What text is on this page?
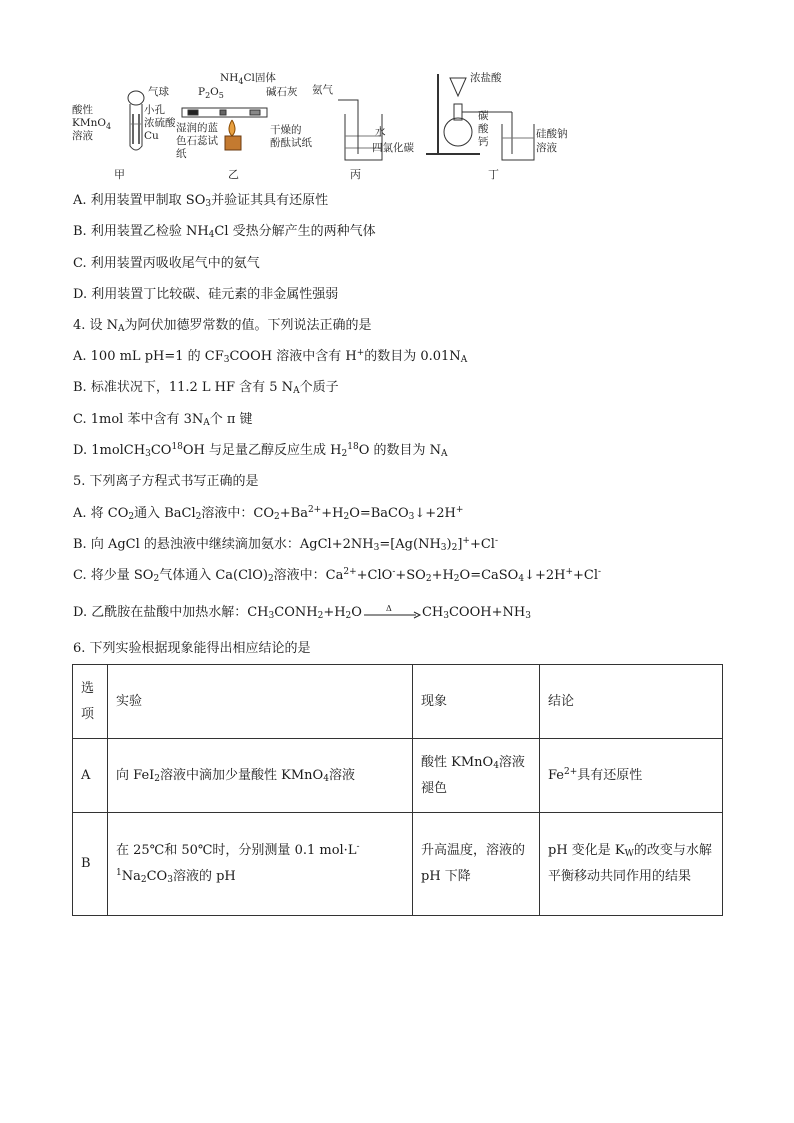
气球
小孔
浓硫酸
Cu
酸性
KMnO$_4$
溶液
甲
$NH_4Cl$固体
$P_2O_5$	碱石灰
湿润的蓝
色石蕊试
纸
干燥的
酚酞试纸
乙
氨气
水
四氯化碳
丙
浓盐酸
碳
酸
钙
硅酸钠
溶液
丁
A. 利用装置甲制取 $SO_3$并验证其具有还原性
B. 利用装置乙检验 $NH_4Cl$ 受热分解产生的两种气体
C. 利用装置丙吸收尾气中的氨气
D. 利用装置丁比较碳、硅元素的非金属性强弱
4. 设 $N_A$为阿伏加德罗常数的值。下列说法正确的是
A. 100 mL pH=1 的 $CF_3COOH$ 溶液中含有 H+的数目为 $0.01N_A$
B. 标准状况下，11.2 L HF 含有 5 $N_A$个质子
C. 1mol 苯中含有 $3N_A$个 π 键
D. $1molCH_3CO^{18}OH$ 与足量乙醇反应生成 $H_2^{18}O$ 的数目为 $N_A$
5. 下列离子方程式书写正确的是
A. 将 $CO_2$通入 BaCl$_2$溶液中：$CO_2+Ba^{2+}+H_2O=BaCO_3↓+2H^+$
B. 向 AgCl 的悬浊液中继续滴加氨水：$AgCl+2NH_3=[Ag(NH_3)_2]^++Cl^-$
C. 将少量 $SO_2$气体通入 $Ca(ClO)_2$溶液中：$Ca^{2+}+ClO^-+SO_2+H_2O=CaSO_4↓+2H^++Cl^-$
D. 乙酰胺在盐酸中加热水解：$CH_3CONH_2+H_2O$	Δ $CH_3COOH+NH_3$
6. 下列实验根据现象能得出相应结论的是
选项	实验	现象	结论
A	向 FeI$_2$溶液中滴加少量酸性 KMnO$_4$溶液	酸性 KMnO$_4$溶液褪色	$Fe^{2+}$具有还原性
B	在 25℃和 50℃时，分别测量 0.1 $mol\cdot L^{-1}Na_2CO_3$溶液的 pH	升高温度，溶液的 pH 下降	pH 变化是 $K_W$的改变与水解平衡移动共同作用的结果
